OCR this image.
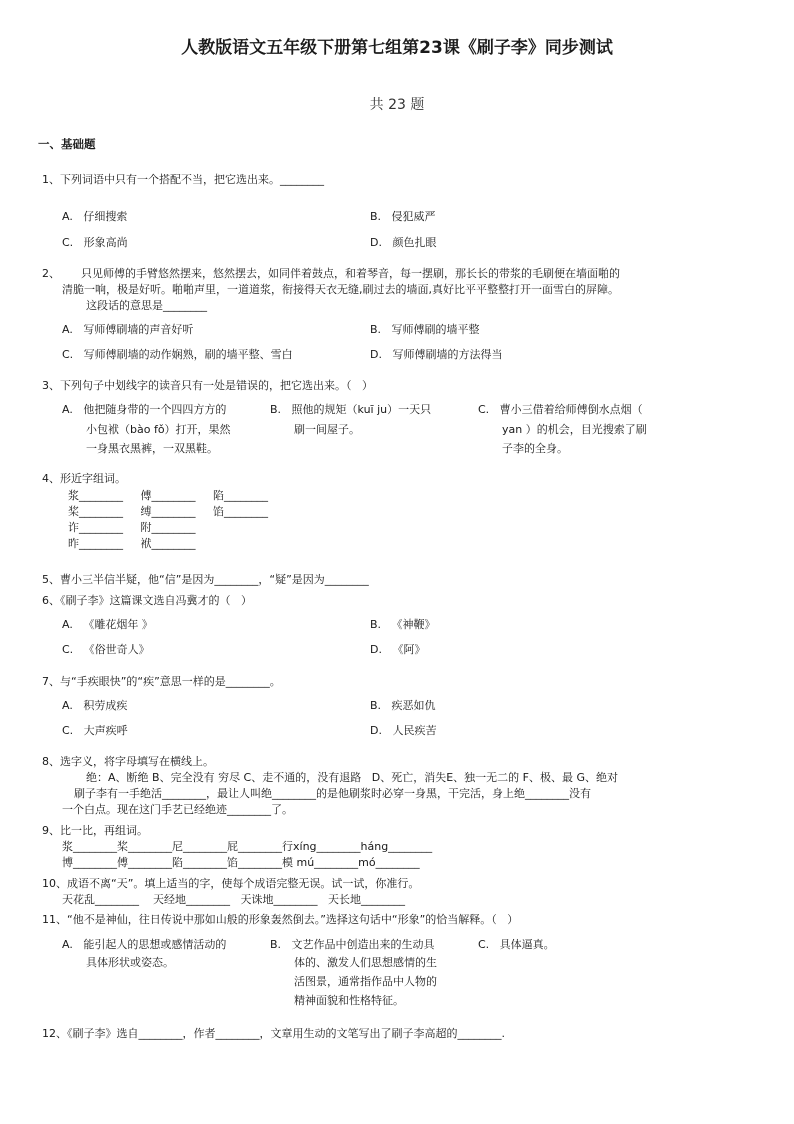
人教版语文五年级下册第七组第23课《刷子李》同步测试
共 23 题
一、基础题
1、下列词语中只有一个搭配不当，把它选出来。________
A.   仔细搜索	B.   侵犯威严
C.   形象高尚	D.   颜色扎眼
2、      只见师傅的手臂悠然摆来，悠然摆去，如同伴着鼓点，和着琴音，每一摆刷，那长长的带浆的毛刷便在墙面啪的
清脆一响，极是好听。啪啪声里，一道道浆，衔接得天衣无缝,刷过去的墙面,真好比平平整整打开一面雪白的屏障。
这段话的意思是________
A.   写师傅刷墙的声音好听	B.   写师傅刷的墙平整
C.   写师傅刷墙的动作娴熟，刷的墙平整、雪白	D.   写师傅刷墙的方法得当
3、下列句子中划线字的读音只有一处是错误的，把它选出来。（   ）
A.   他把随身带的一个四四方方的
小包袱（bào fǒ）打开，果然
一身黑衣黑裤，一双黑鞋。
B.   照他的规矩（kuī ju）一天只
刷一间屋子。
C.   曹小三借着给师傅倒水点烟（
yan ）的机会，目光搜索了刷
子李的全身。
4、形近字组词。
浆________     傅________     陷________
桨________     缚________     馅________
诈________     附________
昨________     袱________
5、曹小三半信半疑，他“信”是因为________，“疑”是因为________
6、《刷子李》这篇课文选自冯冀才的（   ）
A.   《雕花烟年 》	B.   《神鞭》
C.   《俗世奇人》	D.   《阿》
7、与“手疾眼快”的“疾”意思一样的是________。
A.   积劳成疾	B.   疾恶如仇
C.   大声疾呼	D.   人民疾苦
8、选字义，将字母填写在横线上。
绝：A、断绝 B、完全没有 穷尽 C、走不通的，没有退路   D、死亡，消失E、独一无二的 F、极、最 G、绝对
刷子李有一手绝活________，最让人叫绝________的是他刷浆时必穿一身黑，干完活，身上绝________没有
一个白点。现在这门手艺已经绝迹________了。
9、比一比，再组词。
浆________桨________尼________屁________行xíng________háng________
博________傅________陷________馅________模 mú________mó________
10、成语不离“天”。填上适当的字，使每个成语完整无误。试一试，你准行。
天花乱________    天经地________   天诛地________   天长地________
11、“他不是神仙，往日传说中那如山般的形象轰然倒去。”选择这句话中“形象”的恰当解释。（   ）
A.   能引起人的思想或感情活动的
具体形状或姿态。
B.   文艺作品中创造出来的生动具
体的、激发人们思想感情的生
活图景，通常指作品中人物的
精神面貌和性格特征。
C.   具体逼真。
12、《刷子李》选自________，作者________，文章用生动的文笔写出了刷子李高超的________.
